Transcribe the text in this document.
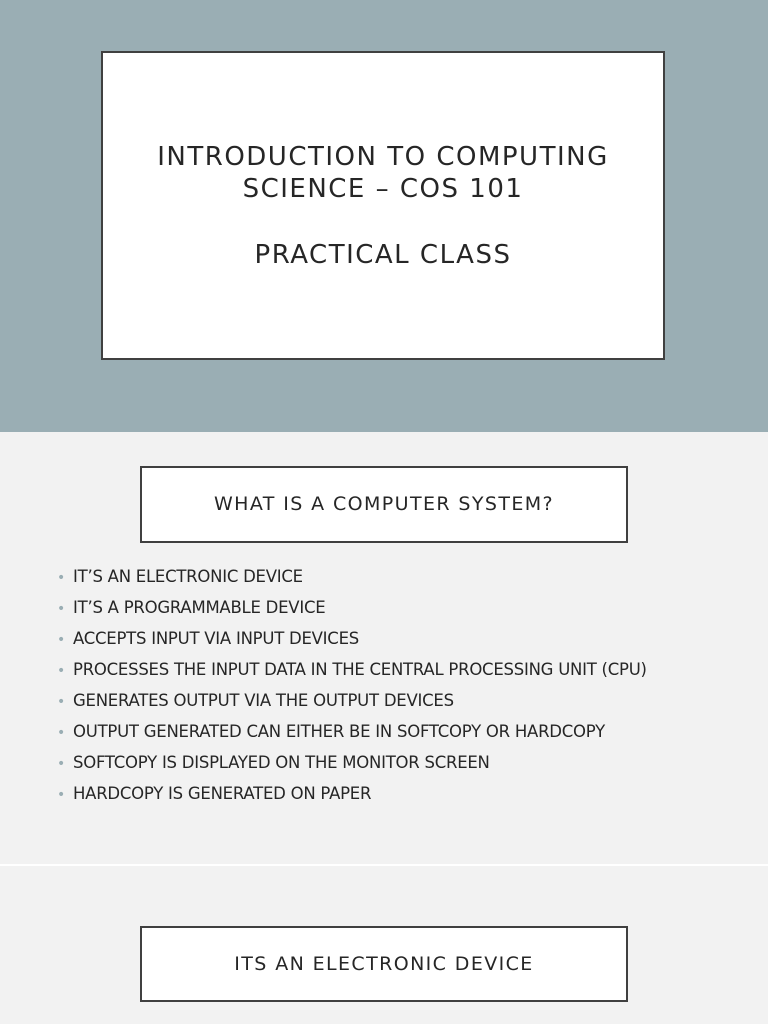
INTRODUCTION TO COMPUTING
SCIENCE – COS 101
PRACTICAL CLASS
WHAT IS A COMPUTER SYSTEM?
• IT’S AN ELECTRONIC DEVICE
• IT’S A PROGRAMMABLE DEVICE
• ACCEPTS INPUT VIA INPUT DEVICES
• PROCESSES THE INPUT DATA IN THE CENTRAL PROCESSING UNIT (CPU)
• GENERATES OUTPUT VIA THE OUTPUT DEVICES
• OUTPUT GENERATED CAN EITHER BE IN SOFTCOPY OR HARDCOPY
• SOFTCOPY IS DISPLAYED ON THE MONITOR SCREEN
• HARDCOPY IS GENERATED ON PAPER
ITS AN ELECTRONIC DEVICE
